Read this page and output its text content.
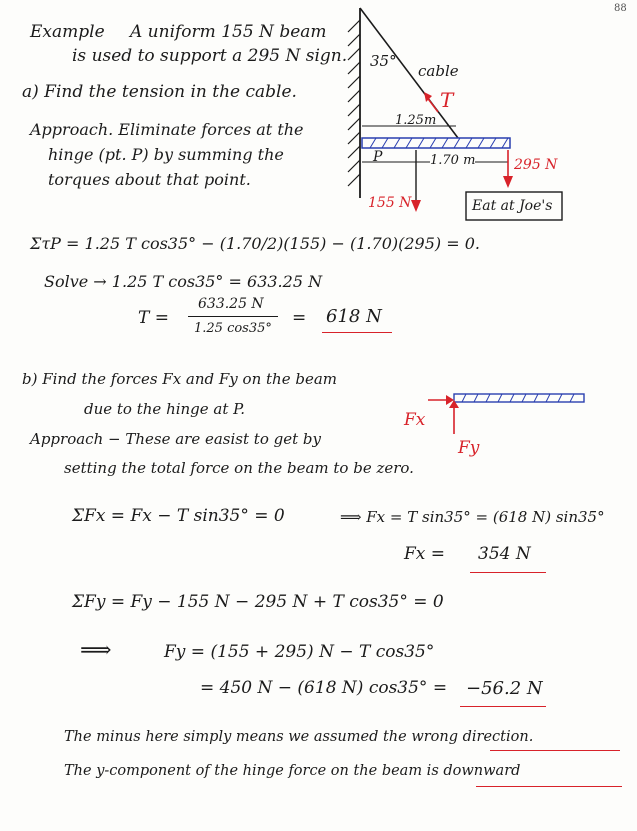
88
Example A uniform 155 N beam
is used to support a 295 N sign.
a) Find the tension in the cable.
Approach. Eliminate forces at the
hinge (pt. P) by summing the
torques about that point.
35°
cable
T
1.25m
P	1.70 m	295 N
155 N	Eat at Joe's
ΣτP = 1.25 T cos35° − (1.70/2)(155) − (1.70)(295) = 0.
Solve → 1.25 T cos35° = 633.25 N
T =
633.25 N
1.25 cos35°
= 618 N
b) Find the forces Fx and Fy on the beam
due to the hinge at P.
Approach − These are easist to get by
setting the total force on the beam to be zero.
Fx
Fy
ΣFx = Fx − T sin35° = 0	⟹ Fx = T sin35° = (618 N) sin35°
Fx = 354 N
ΣFy = Fy − 155 N − 295 N + T cos35° = 0
⟹	Fy = (155 + 295) N − T cos35°
= 450 N − (618 N) cos35° = −56.2 N
The minus here simply means we assumed the wrong direction.
The y-component of the hinge force on the beam is downward
